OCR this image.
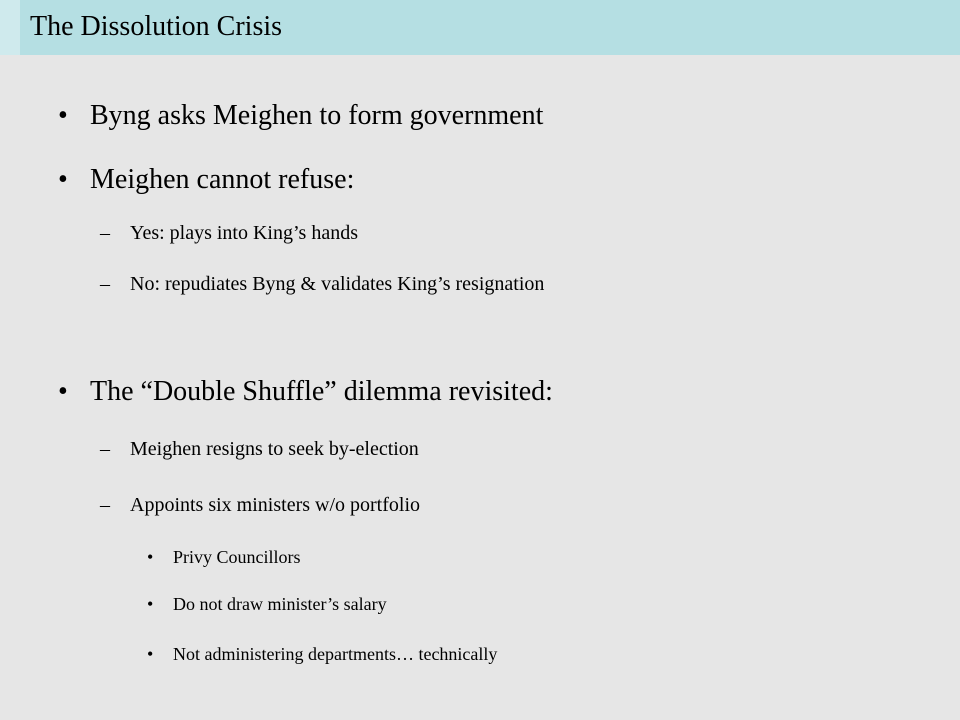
The Dissolution Crisis
• Byng asks Meighen to form government
• Meighen cannot refuse:
– Yes: plays into King’s hands
– No: repudiates Byng & validates King’s resignation
• The “Double Shuffle” dilemma revisited:
– Meighen resigns to seek by-election
– Appoints six ministers w/o portfolio
• Privy Councillors
• Do not draw minister’s salary
• Not administering departments… technically
